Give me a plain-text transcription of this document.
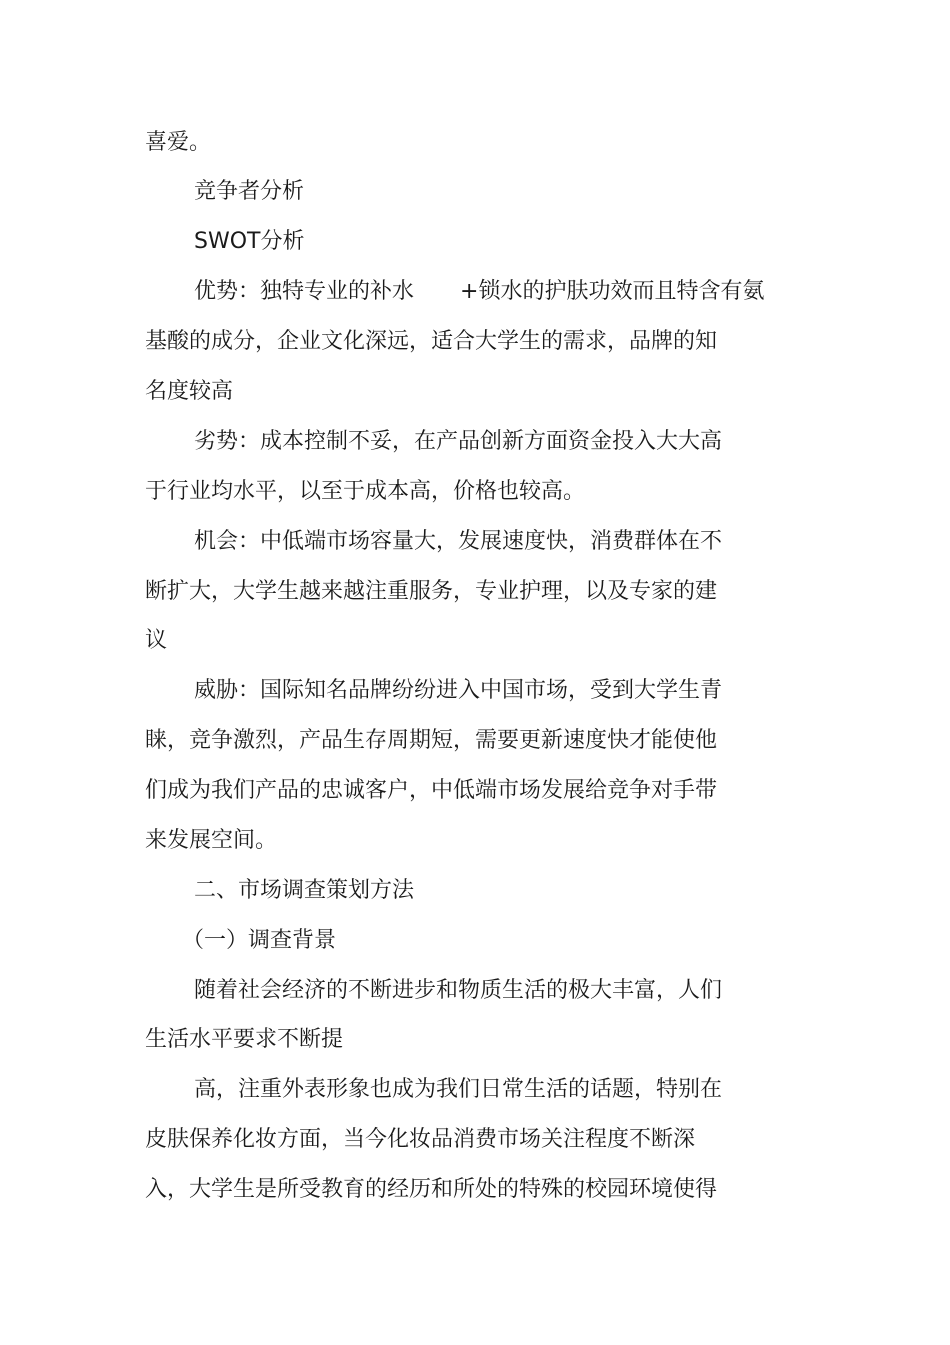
喜爱。

竞争者分析

SWOT分析

优势：独特专业的补水 +锁水的护肤功效而且特含有氨

基酸的成分，企业文化深远，适合大学生的需求，品牌的知

名度较高

劣势：成本控制不妥，在产品创新方面资金投入大大高

于行业均水平，以至于成本高，价格也较高。

机会：中低端市场容量大，发展速度快，消费群体在不

断扩大，大学生越来越注重服务，专业护理，以及专家的建

议

威胁：国际知名品牌纷纷进入中国市场，受到大学生青

睐，竞争激烈，产品生存周期短，需要更新速度快才能使他

们成为我们产品的忠诚客户，中低端市场发展给竞争对手带

来发展空间。

二、市场调查策划方法

（一）调查背景

随着社会经济的不断进步和物质生活的极大丰富，人们

生活水平要求不断提

高，注重外表形象也成为我们日常生活的话题，特别在

皮肤保养化妆方面，当今化妆品消费市场关注程度不断深

入，大学生是所受教育的经历和所处的特殊的校园环境使得
